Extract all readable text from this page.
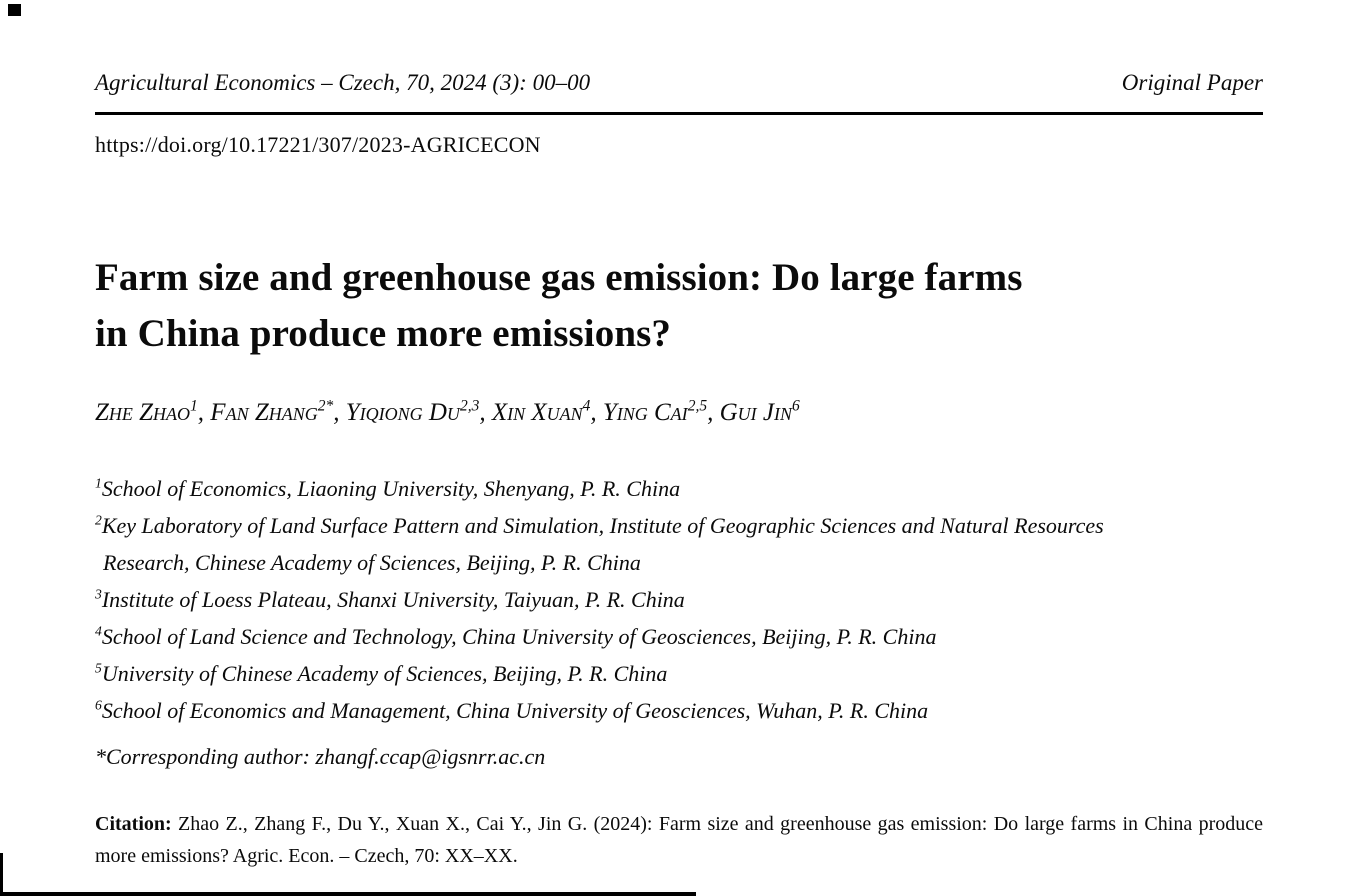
Agricultural Economics – Czech, 70, 2024 (3): 00–00	Original Paper
https://doi.org/10.17221/307/2023-AGRICECON
Farm size and greenhouse gas emission: Do large farms
in China produce more emissions?
Zhe Zhao$^1$, Fan Zhang$^{2*}$, Yiqiong Du$^{2,3}$, Xin Xuan$^4$, Ying Cai$^{2,5}$, Gui Jin$^6$
$^1$School of Economics, Liaoning University, Shenyang, P. R. China
$^2$Key Laboratory of Land Surface Pattern and Simulation, Institute of Geographic Sciences and Natural Resources Research, Chinese Academy of Sciences, Beijing, P. R. China
$^3$Institute of Loess Plateau, Shanxi University, Taiyuan, P. R. China
$^4$School of Land Science and Technology, China University of Geosciences, Beijing, P. R. China
$^5$University of Chinese Academy of Sciences, Beijing, P. R. China
$^6$School of Economics and Management, China University of Geosciences, Wuhan, P. R. China
*Corresponding author: zhangf.ccap@igsnrr.ac.cn
Citation: Zhao Z., Zhang F., Du Y., Xuan X., Cai Y., Jin G. (2024): Farm size and greenhouse gas emission: Do large farms in China produce more emissions? Agric. Econ. – Czech, 70: XX–XX.
